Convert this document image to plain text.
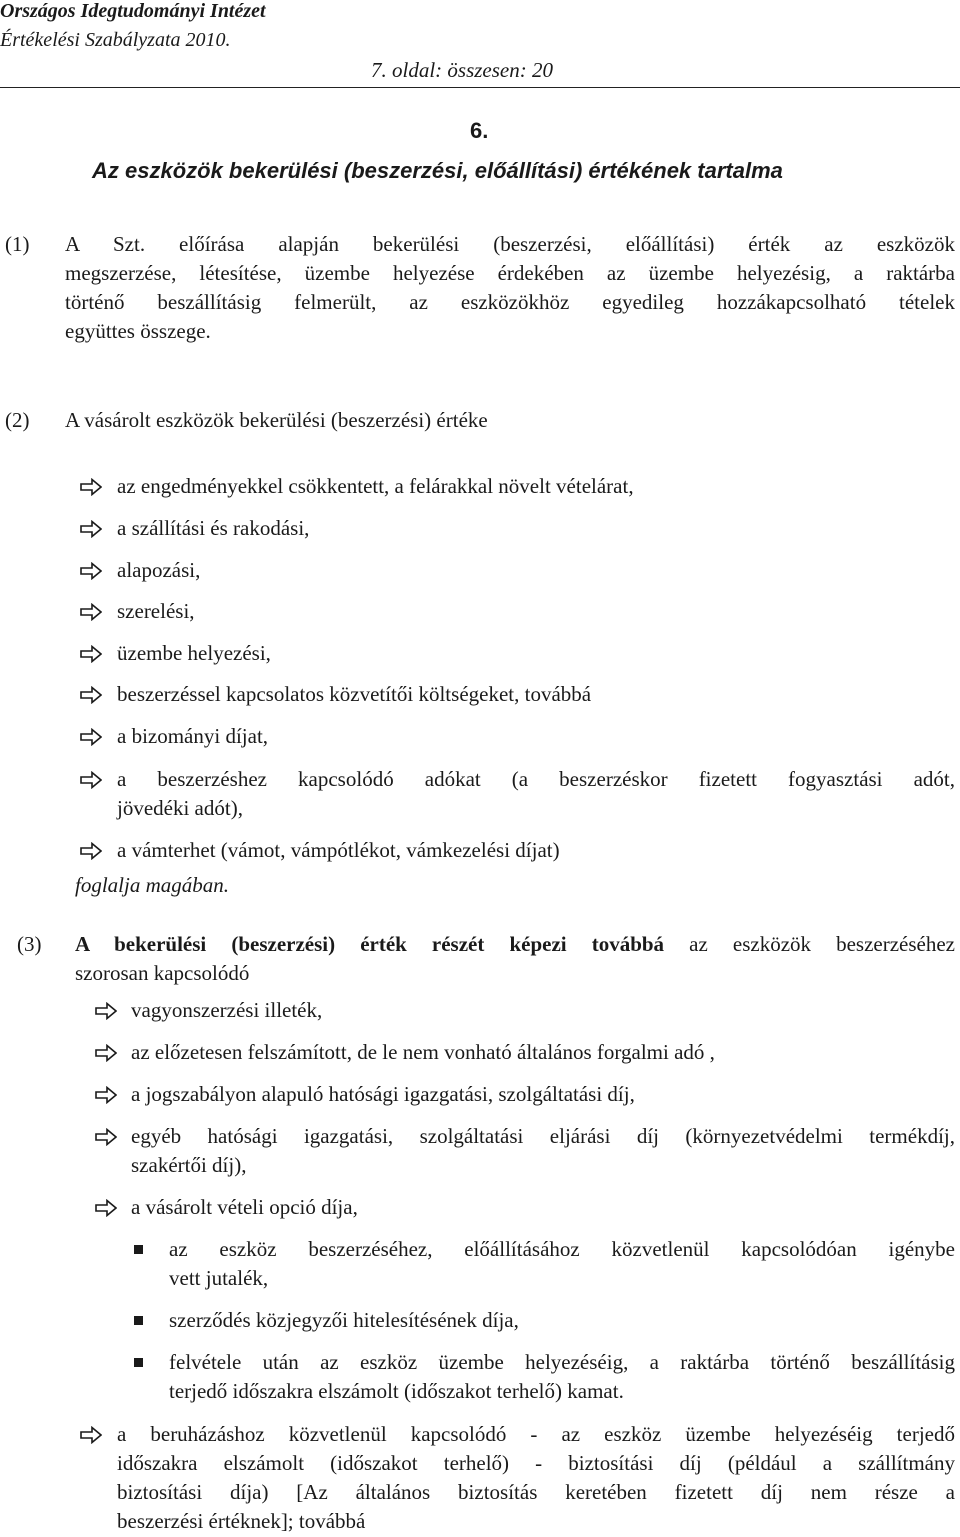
Országos Idegtudományi Intézet
Értékelési Szabályzata 2010.
7. oldal: összesen: 20
6.
Az eszközök bekerülési (beszerzési, előállítási) értékének tartalma
(1) A Szt. előírása alapján bekerülési (beszerzési, előállítási) érték az eszközök
megszerzése, létesítése, üzembe helyezése érdekében az üzembe helyezésig, a raktárba
történő beszállításig felmerült, az eszközökhöz egyedileg hozzákapcsolható tételek
együttes összege.
(2) A vásárolt eszközök bekerülési (beszerzési) értéke
az engedményekkel csökkentett, a felárakkal növelt vételárat,
a szállítási és rakodási,
alapozási,
szerelési,
üzembe helyezési,
beszerzéssel kapcsolatos közvetítői költségeket, továbbá
a bizományi díjat,
a beszerzéshez kapcsolódó adókat (a beszerzéskor fizetett fogyasztási adót,
jövedéki adót),
a vámterhet (vámot, vámpótlékot, vámkezelési díjat)
foglalja magában.
(3) A bekerülési (beszerzési) érték részét képezi továbbá az eszközök beszerzéséhez
szorosan kapcsolódó
vagyonszerzési illeték,
az előzetesen felszámított, de le nem vonható általános forgalmi adó ,
a jogszabályon alapuló hatósági igazgatási, szolgáltatási díj,
egyéb hatósági igazgatási, szolgáltatási eljárási díj (környezetvédelmi termékdíj,
szakértői díj),
a vásárolt vételi opció díja,
az eszköz beszerzéséhez, előállításához közvetlenül kapcsolódóan igénybe
vett jutalék,
szerződés közjegyzői hitelesítésének díja,
felvétele után az eszköz üzembe helyezéséig, a raktárba történő beszállításig
terjedő időszakra elszámolt (időszakot terhelő) kamat.
a beruházáshoz közvetlenül kapcsolódó - az eszköz üzembe helyezéséig terjedő
időszakra elszámolt (időszakot terhelő) - biztosítási díj (például a szállítmány
biztosítási díja) [Az általános biztosítás keretében fizetett díj nem része a
beszerzési értéknek]; továbbá
